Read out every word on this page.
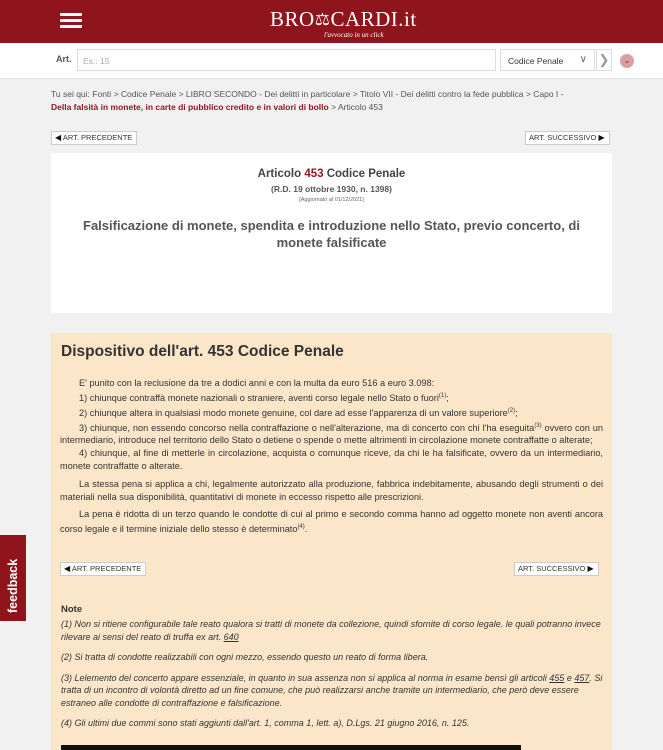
BRO⚖CARDI.it
l'avvocato in un click
Art.	Es.: 15	Codice Penale ∨ ❯	⌄
Tu sei qui: Fonti > Codice Penale > LIBRO SECONDO - Dei delitti in particolare > Titolo VII - Dei delitti contro la fede pubblica > Capo I -
Della falsità in monete, in carte di pubblico credito e in valori di bollo > Articolo 453
◀ ART. PRECEDENTE	ART. SUCCESSIVO ▶
Articolo 453 Codice Penale
(R.D. 19 ottobre 1930, n. 1398)
[Aggiornato al 01/12/2021]
Falsificazione di monete, spendita e introduzione nello Stato, previo concerto, di monete falsificate
Dispositivo dell'art. 453 Codice Penale

E' punito con la reclusione da tre a dodici anni e con la multa da euro 516 a euro 3.098:

1) chiunque contraffà monete nazionali o straniere, aventi corso legale nello Stato o fuori$^{(1)}$;

2) chiunque altera in qualsiasi modo monete genuine, col dare ad esse l'apparenza di un valore superiore$^{(2)}$;

3) chiunque, non essendo concorso nella contraffazione o nell'alterazione, ma di concerto con chi l'ha eseguita$^{(3)}$ ovvero con un intermediario, introduce nel territorio dello Stato o detiene o spende o mette altrimenti in circolazione monete contraffatte o alterate;

4) chiunque, al fine di metterle in circolazione, acquista o comunque riceve, da chi le ha falsificate, ovvero da un intermediario, monete contraffatte o alterate.

La stessa pena si applica a chi, legalmente autorizzato alla produzione, fabbrica indebitamente, abusando degli strumenti o dei materiali nella sua disponibilità, quantitativi di monete in eccesso rispetto alle prescrizioni.

La pena è ridotta di un terzo quando le condotte di cui al primo e secondo comma hanno ad oggetto monete non aventi ancora corso legale e il termine iniziale dello stesso è determinato$^{(4)}$.

◀ ART. PRECEDENTE	ART. SUCCESSIVO ▶
Note

(1) Non si ritiene configurabile tale reato qualora si tratti di monete da collezione, quindi sfornite di corso legale. le quali potranno invece rilevare ai sensi del reato di truffa ex art. 640

(2) Si tratta di condotte realizzabili con ogni mezzo, essendo questo un reato di forma libera.

(3) Lelemento del concerto appare essenziale, in quanto in sua assenza non si applica al norma in esame bensì gli articoli 455 e 457. Si tratta di un incontro di volontà diretto ad un fine comune, che può realizzarsi anche tramite un intermediario, che però deve essere estraneo alle condotte di contraffazione e falsificazione.

(4) Gli ultimi due commi sono stati aggiunti dall'art. 1, comma 1, lett. a), D.Lgs. 21 giugno 2016, n. 125.

feedback
